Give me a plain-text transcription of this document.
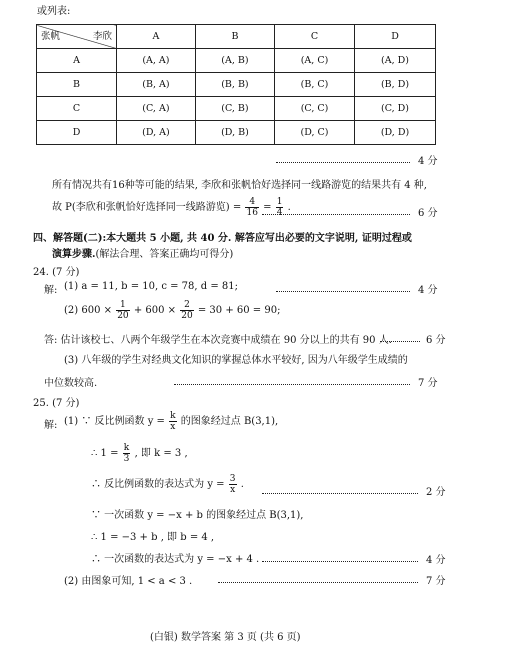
或列表:
张帆 李欣	A	B	C	D
A	(A, A)	(A, B)	(A, C)	(A, D)
B	(B, A)	(B, B)	(B, C)	(B, D)
C	(C, A)	(C, B)	(C, C)	(C, D)
D	(D, A)	(D, B)	(D, C)	(D, D)
4 分
所有情况共有16种等可能的结果, 李欣和张帆恰好选择同一线路游览的结果共有 4 种,
故 P(李欣和张帆恰好选择同一线路游览) = $\frac{4}{16} = \frac{1}{4}$ .
6 分
四、解答题(二):本大题共 5 小题, 共 40 分. 解答应写出必要的文字说明, 证明过程或
演算步骤.(解法合理、答案正确均可得分)
24. (7 分)
解: (1) a = 11, b = 10, c = 78, d = 81;	4 分
(2) $600 \times \frac{1}{20} + 600 \times \frac{2}{20} = 30 + 60 = 90$;
答: 估计该校七、八两个年级学生在本次竞赛中成绩在 90 分以上的共有 90 人.	6 分
(3) 八年级的学生对经典文化知识的掌握总体水平较好, 因为八年级学生成绩的
中位数较高.	7 分
25. (7 分)
解: (1) ∵ 反比例函数 $y = \frac{k}{x}$ 的图象经过点 B(3,1),
∴ $1 = \frac{k}{3}$ , 即 k = 3 ,
∴ 反比例函数的表达式为 $y = \frac{3}{x}$ .
2 分
∵ 一次函数 y = −x + b 的图象经过点 B(3,1),
∴ 1 = −3 + b , 即 b = 4 ,
∴ 一次函数的表达式为 y = −x + 4 .	4 分
(2) 由图象可知, 1 < a < 3 .	7 分
(白银) 数学答案 第 3 页 (共 6 页)
